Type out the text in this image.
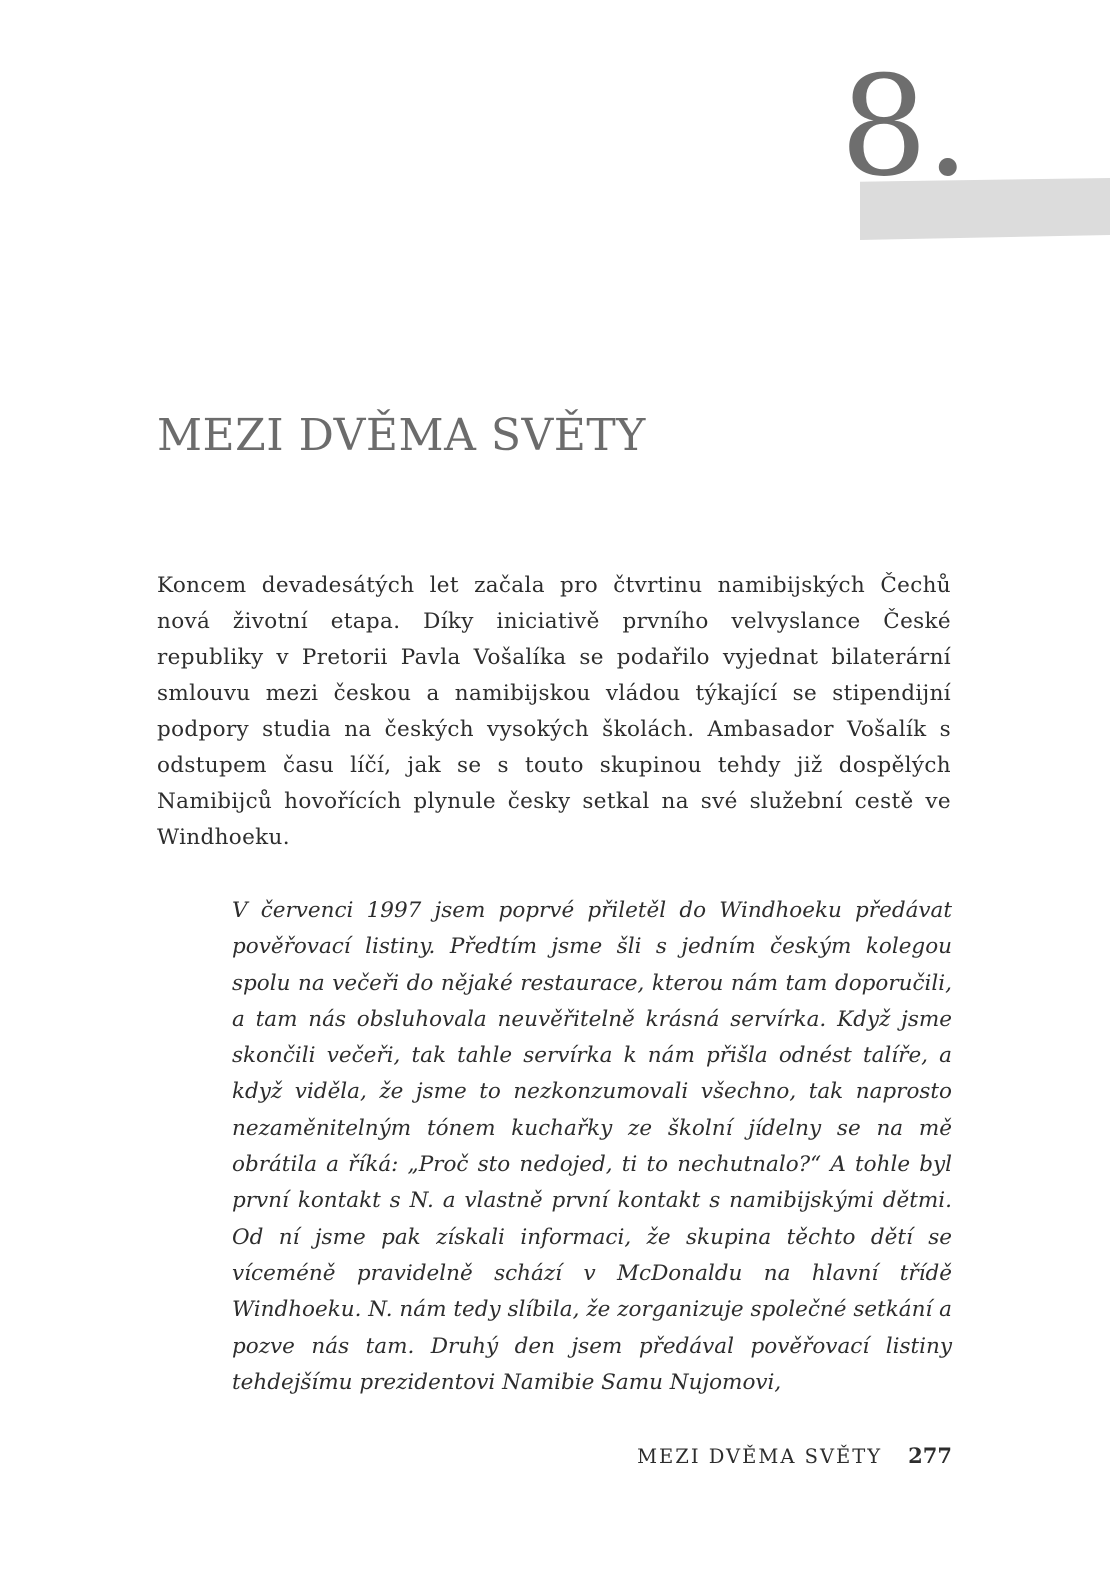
8.
MEZI DVĚMA SVĚTY

Koncem devadesátých let začala pro čtvrtinu namibijských Čechů nová životní etapa. Díky iniciativě prvního velvyslance České republiky v Pretorii Pavla Vošalíka se podařilo vyjednat bilaterární smlouvu mezi českou a namibijskou vládou týkající se stipendijní podpory studia na českých vysokých školách. Ambasador Vošalík s odstupem času líčí, jak se s touto skupinou tehdy již dospělých Namibijců hovořících plynule česky setkal na své služební cestě ve Windhoeku.

V červenci 1997 jsem poprvé přiletěl do Windhoeku předávat pověřovací listiny. Předtím jsme šli s jedním českým kolegou spolu na večeři do nějaké restaurace, kterou nám tam doporučili, a tam nás obsluhovala neuvěřitelně krásná servírka. Když jsme skončili večeři, tak tahle servírka k nám přišla odnést talíře, a když viděla, že jsme to nezkonzumovali všechno, tak naprosto nezaměnitelným tónem kuchařky ze školní jídelny se na mě obrátila a říká: „Proč sto nedojed, ti to nechutnalo?“ A tohle byl první kontakt s N. a vlastně první kontakt s namibijskými dětmi. Od ní jsme pak získali informaci, že skupina těchto dětí se víceméně pravidelně schází v McDonaldu na hlavní třídě Windhoeku. N. nám tedy slíbila, že zorganizuje společné setkání a pozve nás tam. Druhý den jsem předával pověřovací listiny tehdejšímu prezidentovi Namibie Samu Nujomovi,

MEZI DVĚMA SVĚTY 277
